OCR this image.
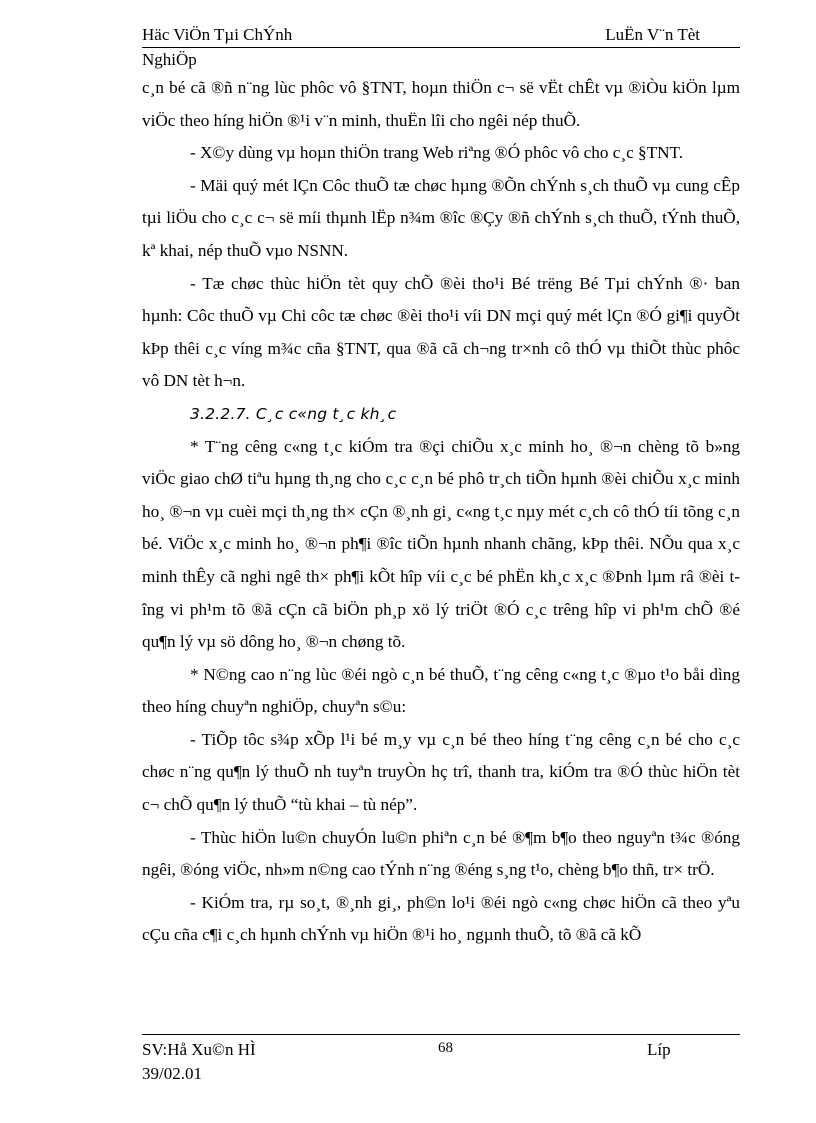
Häc ViÖn Tµi ChÝnh	LuËn V¨n Tèt
NghiÖp

c¸n bé cã ®ñ n¨ng lùc phôc vô §TNT, hoµn thiÖn c¬ së vËt chÊt vµ ®iÒu kiÖn lµm viÖc theo híng hiÖn ®¹i v¨n minh, thuËn lîi cho ngêi nép thuÕ.

- X©y dùng vµ hoµn thiÖn trang Web riªng ®Ó phôc vô cho c¸c §TNT.

- Mäi quý mét lÇn Côc thuÕ tæ chøc hµng ®Õn chÝnh s¸ch thuÕ vµ cung cÊp tµi liÖu cho c¸c c¬ së míi thµnh lËp n¾m ®îc ®Çy ®ñ chÝnh s¸ch thuÕ, tÝnh thuÕ, kª khai, nép thuÕ vµo NSNN.

- Tæ chøc thùc hiÖn tèt quy chÕ ®èi tho¹i Bé trëng Bé Tµi chÝnh ®· ban hµnh: Côc thuÕ vµ Chi côc tæ chøc ®èi tho¹i víi DN mçi quý mét lÇn ®Ó gi¶i quyÕt kÞp thêi c¸c víng m¾c cña §TNT, qua ®ã cã ch¬ng tr×nh cô thÓ vµ thiÕt thùc phôc vô DN tèt h¬n.

3.2.2.7. C¸c c«ng t¸c kh¸c

* T¨ng cêng c«ng t¸c kiÓm tra ®çi chiÕu x¸c minh ho¸ ®¬n chèng tõ b»ng viÖc giao chØ tiªu hµng th¸ng cho c¸c c¸n bé phô tr¸ch tiÕn hµnh ®èi chiÕu x¸c minh ho¸ ®¬n vµ cuèi mçi th¸ng th× cÇn ®¸nh gi¸ c«ng t¸c nµy mét c¸ch cô thÓ tíi tõng c¸n bé. ViÖc x¸c minh ho¸ ®¬n ph¶i ®îc tiÕn hµnh nhanh chãng, kÞp thêi. NÕu qua x¸c minh thÊy cã nghi ngê th× ph¶i kÕt hîp víi c¸c bé phËn kh¸c x¸c ®Þnh lµm râ ®èi tîng vi ph¹m tõ ®ã cÇn cã biÖn ph¸p xö lý triÖt ®Ó c¸c trêng hîp vi ph¹m chÕ ®é qu¶n lý vµ sö dông ho¸ ®¬n chøng tõ.

* N©ng cao n¨ng lùc ®éi ngò c¸n bé thuÕ, t¨ng cêng c«ng t¸c ®µo t¹o båi dìng theo híng chuyªn nghiÖp, chuyªn s©u:

- TiÕp tôc s¾p xÕp l¹i bé m¸y vµ c¸n bé theo híng t¨ng cêng c¸n bé cho c¸c chøc n¨ng qu¶n lý thuÕ nh tuyªn truyÒn hç trî, thanh tra, kiÓm tra ®Ó thùc hiÖn tèt c¬ chÕ qu¶n lý thuÕ “tù khai – tù nép”.

- Thùc hiÖn lu©n chuyÓn lu©n phiªn c¸n bé ®¶m b¶o theo nguyªn t¾c ®óng ngêi, ®óng viÖc, nh»m n©ng cao tÝnh n¨ng ®éng s¸ng t¹o, chèng b¶o thñ, tr× trÖ.

- KiÓm tra, rµ so¸t, ®¸nh gi¸, ph©n lo¹i ®éi ngò c«ng chøc hiÖn cã theo yªu cÇu cña c¶i c¸ch hµnh chÝnh vµ hiÖn ®¹i ho¸ ngµnh thuÕ, tõ ®ã cã kÕ

SV:Hå Xu©n HÌ	68	Líp
39/02.01
